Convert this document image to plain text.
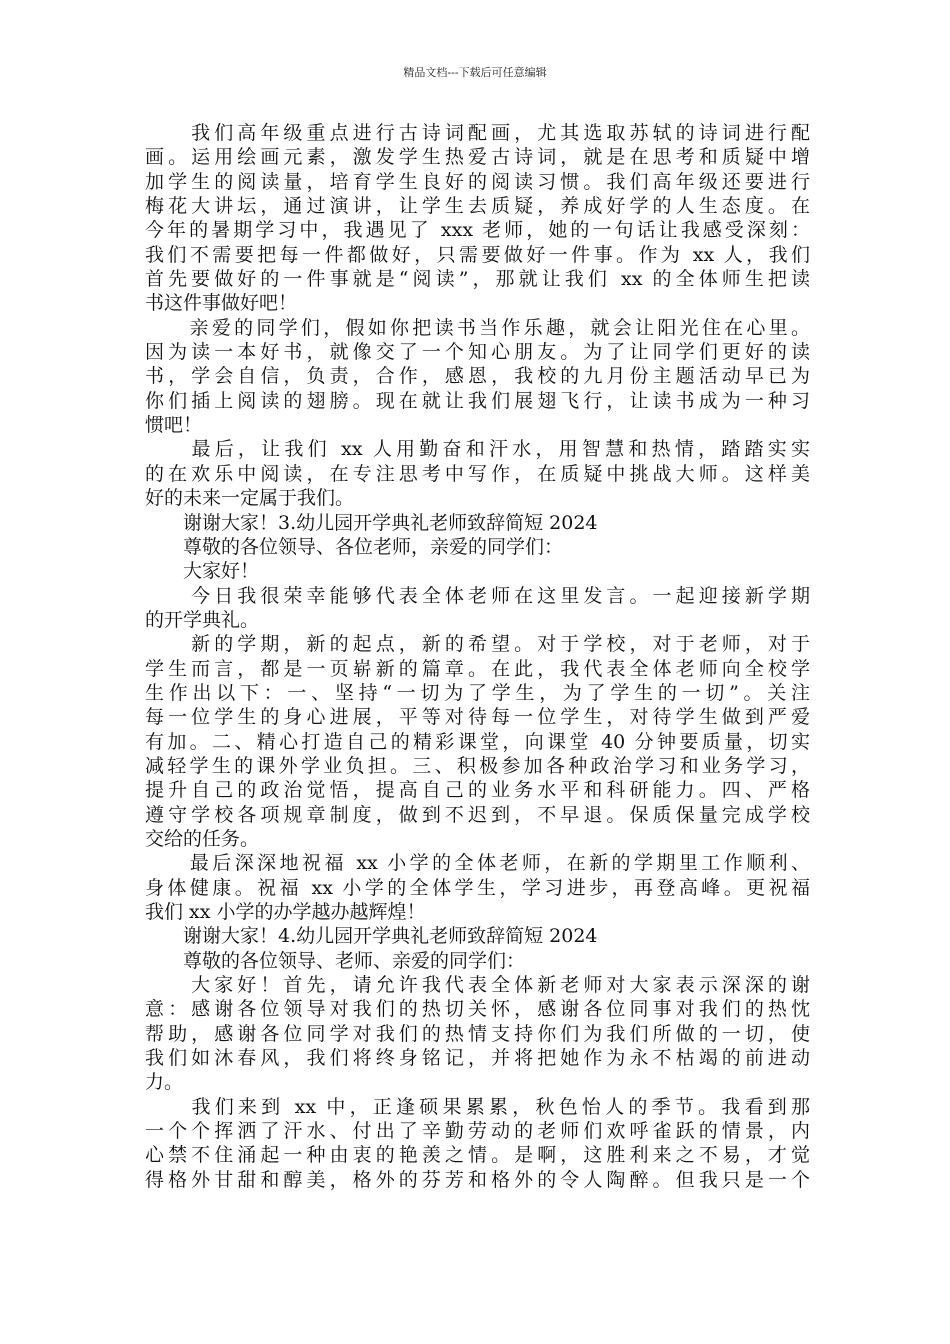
精品文档---下载后可任意编辑
　　我们高年级重点进行古诗词配画，尤其选取苏轼的诗词进行配
画。运用绘画元素，激发学生热爱古诗词，就是在思考和质疑中增
加学生的阅读量，培育学生良好的阅读习惯。我们高年级还要进行
梅花大讲坛，通过演讲，让学生去质疑，养成好学的人生态度。在
今年的暑期学习中，我遇见了 xxx 老师，她的一句话让我感受深刻：
我们不需要把每一件都做好，只需要做好一件事。作为 xx 人，我们
首先要做好的一件事就是“阅读”，那就让我们 xx 的全体师生把读
书这件事做好吧！
　　亲爱的同学们，假如你把读书当作乐趣，就会让阳光住在心里。
因为读一本好书，就像交了一个知心朋友。为了让同学们更好的读
书，学会自信，负责，合作，感恩，我校的九月份主题活动早已为
你们插上阅读的翅膀。现在就让我们展翅飞行，让读书成为一种习
惯吧！
　　最后，让我们 xx 人用勤奋和汗水，用智慧和热情，踏踏实实
的在欢乐中阅读，在专注思考中写作，在质疑中挑战大师。这样美
好的未来一定属于我们。
　　谢谢大家！3.幼儿园开学典礼老师致辞简短 2024
　　尊敬的各位领导、各位老师，亲爱的同学们：
　　大家好！
　　今日我很荣幸能够代表全体老师在这里发言。一起迎接新学期
的开学典礼。
　　新的学期，新的起点，新的希望。对于学校，对于老师，对于
学生而言，都是一页崭新的篇章。在此，我代表全体老师向全校学
生作出以下：一、坚持“一切为了学生，为了学生的一切”。关注
每一位学生的身心进展，平等对待每一位学生，对待学生做到严爱
有加。二、精心打造自己的精彩课堂，向课堂 40 分钟要质量，切实
减轻学生的课外学业负担。三、积极参加各种政治学习和业务学习，
提升自己的政治觉悟，提高自己的业务水平和科研能力。四、严格
遵守学校各项规章制度，做到不迟到，不早退。保质保量完成学校
交给的任务。
　　最后深深地祝福 xx 小学的全体老师，在新的学期里工作顺利、
身体健康。祝福 xx 小学的全体学生，学习进步，再登高峰。更祝福
我们 xx 小学的办学越办越辉煌！
　　谢谢大家！4.幼儿园开学典礼老师致辞简短 2024
　　尊敬的各位领导、老师、亲爱的同学们：
　　大家好！首先，请允许我代表全体新老师对大家表示深深的谢
意：感谢各位领导对我们的热切关怀，感谢各位同事对我们的热忱
帮助，感谢各位同学对我们的热情支持你们为我们所做的一切，使
我们如沐春风，我们将终身铭记，并将把她作为永不枯竭的前进动
力。
　　我们来到 xx 中，正逢硕果累累，秋色怡人的季节。我看到那
一个个挥洒了汗水、付出了辛勤劳动的老师们欢呼雀跃的情景，内
心禁不住涌起一种由衷的艳羡之情。是啊，这胜利来之不易，才觉
得格外甘甜和醇美，格外的芬芳和格外的令人陶醉。但我只是一个
